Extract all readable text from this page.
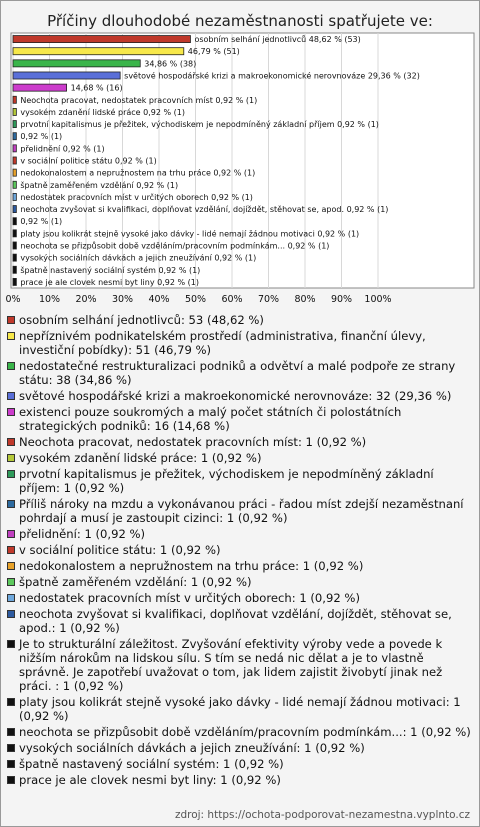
Příčiny dlouhodobé nezaměstnanosti spatřujete ve:
osobním selhání jednotlivců 48,62 % (53)
46,79 % (51)
34,86 % (38)
světové hospodářské krizi a makroekonomické nerovnováze 29,36 % (32)
14,68 % (16)
Neochota pracovat, nedostatek pracovních míst 0,92 % (1)
vysokém zdanění lidské práce 0,92 % (1)
prvotní kapitalismus je přežitek, východiskem je nepodmíněný základní příjem 0,92 % (1)
0,92 % (1)
přelidnění 0,92 % (1)
v sociální politice státu 0,92 % (1)
nedokonalostem a nepružnostem na trhu práce 0,92 % (1)
špatně zaměřeném vzdělání 0,92 % (1)
nedostatek pracovních míst v určitých oborech 0,92 % (1)
neochota zvyšovat si kvalifikaci, doplňovat vzdělání, dojíždět, stěhovat se, apod. 0,92 % (1)
0,92 % (1)
platy jsou kolikrát stejně vysoké jako dávky - lidé nemají žádnou motivaci 0,92 % (1)
neochota se přizpůsobit době vzděláním/pracovním podmínkám... 0,92 % (1)
vysokých sociálních dávkách a jejich zneužívání 0,92 % (1)
špatně nastavený sociální systém 0,92 % (1)
prace je ale clovek nesmi byt liny 0,92 % (1)
0% 10% 20% 30% 40% 50% 60% 70% 80% 90% 100%
osobním selhání jednotlivců: 53 (48,62 %)
nepříznivém podnikatelském prostředí (administrativa, finanční úlevy, investiční pobídky): 51 (46,79 %)
nedostatečné restrukturalizaci podniků a odvětví a malé podpoře ze strany státu: 38 (34,86 %)
světové hospodářské krizi a makroekonomické nerovnováze: 32 (29,36 %)
existenci pouze soukromých a malý počet státních či polostátních strategických podniků: 16 (14,68 %)
Neochota pracovat, nedostatek pracovních míst: 1 (0,92 %)
vysokém zdanění lidské práce: 1 (0,92 %)
prvotní kapitalismus je přežitek, východiskem je nepodmíněný základní příjem: 1 (0,92 %)
Příliš nároky na mzdu a vykonávanou práci - řadou míst zdejší nezaměstnaní pohrdají a musí je zastoupit cizinci: 1 (0,92 %)
přelidnění: 1 (0,92 %)
v sociální politice státu: 1 (0,92 %)
nedokonalostem a nepružnostem na trhu práce: 1 (0,92 %)
špatně zaměřeném vzdělání: 1 (0,92 %)
nedostatek pracovních míst v určitých oborech: 1 (0,92 %)
neochota zvyšovat si kvalifikaci, doplňovat vzdělání, dojíždět, stěhovat se, apod.: 1 (0,92 %)
Je to strukturální záležitost. Zvyšování efektivity výroby vede a povede k nižším nárokům na lidskou sílu. S tím se nedá nic dělat a je to vlastně správně. Je zapotřebí uvažovat o tom, jak lidem zajistit živobytí jinak než práci. : 1 (0,92 %)
platy jsou kolikrát stejně vysoké jako dávky - lidé nemají žádnou motivaci: 1 (0,92 %)
neochota se přizpůsobit době vzděláním/pracovním podmínkám...: 1 (0,92 %)
vysokých sociálních dávkách a jejich zneužívání: 1 (0,92 %)
špatně nastavený sociální systém: 1 (0,92 %)
prace je ale clovek nesmi byt liny: 1 (0,92 %)
zdroj: https://ochota-podporovat-nezamestna.vyplnto.cz
